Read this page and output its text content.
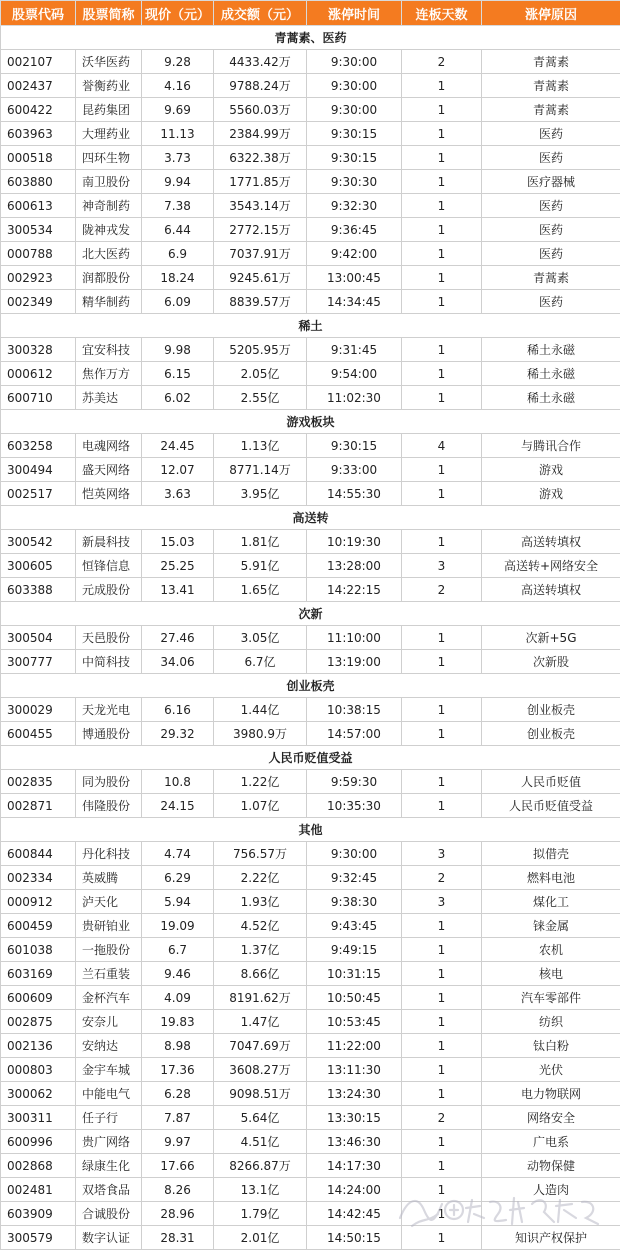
股票代码	股票简称	现价（元）	成交额（元）	涨停时间	连板天数	涨停原因
青蒿素、医药						
002107	沃华医药	9.28	4433.42万	9:30:00	2	青蒿素
002437	誉衡药业	4.16	9788.24万	9:30:00	1	青蒿素
600422	昆药集团	9.69	5560.03万	9:30:00	1	青蒿素
603963	大理药业	11.13	2384.99万	9:30:15	1	医药
000518	四环生物	3.73	6322.38万	9:30:15	1	医药
603880	南卫股份	9.94	1771.85万	9:30:30	1	医疗器械
600613	神奇制药	7.38	3543.14万	9:32:30	1	医药
300534	陇神戎发	6.44	2772.15万	9:36:45	1	医药
000788	北大医药	6.9	7037.91万	9:42:00	1	医药
002923	润都股份	18.24	9245.61万	13:00:45	1	青蒿素
002349	精华制药	6.09	8839.57万	14:34:45	1	医药
稀土						
300328	宜安科技	9.98	5205.95万	9:31:45	1	稀土永磁
000612	焦作万方	6.15	2.05亿	9:54:00	1	稀土永磁
600710	苏美达	6.02	2.55亿	11:02:30	1	稀土永磁
游戏板块						
603258	电魂网络	24.45	1.13亿	9:30:15	4	与腾讯合作
300494	盛天网络	12.07	8771.14万	9:33:00	1	游戏
002517	恺英网络	3.63	3.95亿	14:55:30	1	游戏
高送转						
300542	新晨科技	15.03	1.81亿	10:19:30	1	高送转填权
300605	恒锋信息	25.25	5.91亿	13:28:00	3	高送转+网络安全
603388	元成股份	13.41	1.65亿	14:22:15	2	高送转填权
次新						
300504	天邑股份	27.46	3.05亿	11:10:00	1	次新+5G
300777	中简科技	34.06	6.7亿	13:19:00	1	次新股
创业板壳						
300029	天龙光电	6.16	1.44亿	10:38:15	1	创业板壳
600455	博通股份	29.32	3980.9万	14:57:00	1	创业板壳
人民币贬值受益						
002835	同为股份	10.8	1.22亿	9:59:30	1	人民币贬值
002871	伟隆股份	24.15	1.07亿	10:35:30	1	人民币贬值受益
其他						
600844	丹化科技	4.74	756.57万	9:30:00	3	拟借壳
002334	英威腾	6.29	2.22亿	9:32:45	2	燃料电池
000912	泸天化	5.94	1.93亿	9:38:30	3	煤化工
600459	贵研铂业	19.09	4.52亿	9:43:45	1	铼金属
601038	一拖股份	6.7	1.37亿	9:49:15	1	农机
603169	兰石重装	9.46	8.66亿	10:31:15	1	核电
600609	金杯汽车	4.09	8191.62万	10:50:45	1	汽车零部件
002875	安奈儿	19.83	1.47亿	10:53:45	1	纺织
002136	安纳达	8.98	7047.69万	11:22:00	1	钛白粉
000803	金宇车城	17.36	3608.27万	13:11:30	1	光伏
300062	中能电气	6.28	9098.51万	13:24:30	1	电力物联网
300311	任子行	7.87	5.64亿	13:30:15	2	网络安全
600996	贵广网络	9.97	4.51亿	13:46:30	1	广电系
002868	绿康生化	17.66	8266.87万	14:17:30	1	动物保健
002481	双塔食品	8.26	13.1亿	14:24:00	1	人造肉
603909	合诚股份	28.96	1.79亿	14:42:45	1	
300579	数字认证	28.31	2.01亿	14:50:15	1	知识产权保护
